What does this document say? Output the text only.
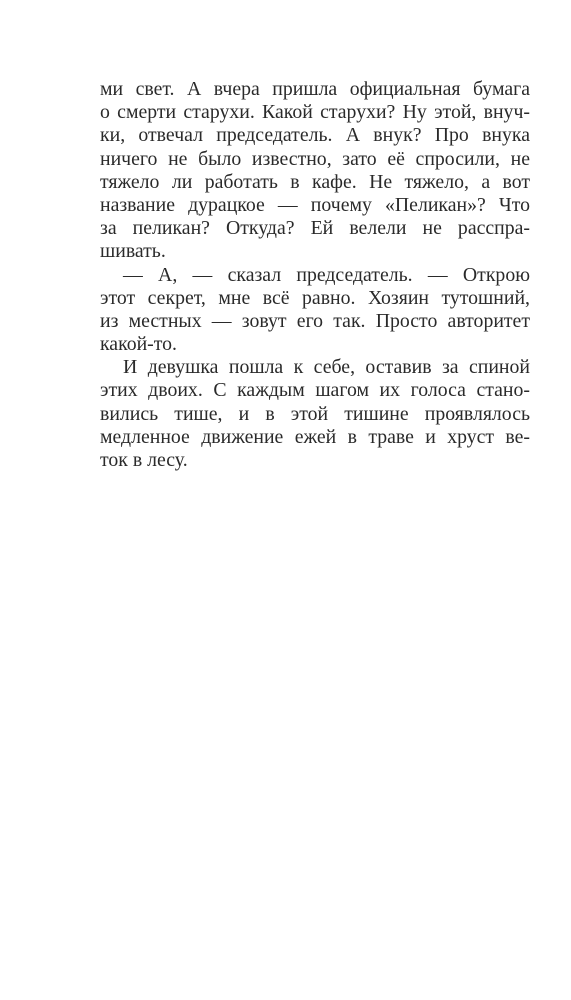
ми свет. А вчера пришла официальная бумага
о смерти старухи. Какой старухи? Ну этой, внуч-
ки, отвечал председатель. А внук? Про внука
ничего не было известно, зато её спросили, не
тяжело ли работать в кафе. Не тяжело, а вот
название дурацкое — почему «Пеликан»? Что
за пеликан? Откуда? Ей велели не расспра-
шивать.
— А, — сказал председатель. — Открою
этот секрет, мне всё равно. Хозяин тутошний,
из местных — зовут его так. Просто авторитет
какой-то.
И девушка пошла к себе, оставив за спиной
этих двоих. С каждым шагом их голоса стано-
вились тише, и в этой тишине проявлялось
медленное движение ежей в траве и хруст ве-
ток в лесу.
